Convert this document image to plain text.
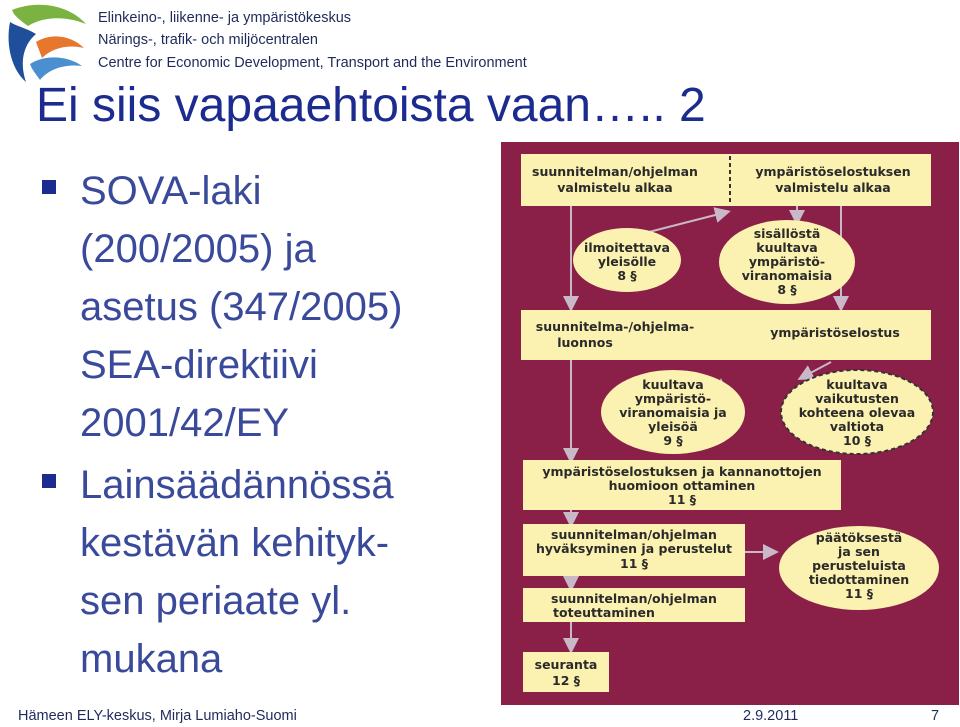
Elinkeino-, liikenne- ja ympäristökeskus
Närings-, trafik- och miljöcentralen
Centre for Economic Development, Transport and the Environment
Ei siis vapaaehtoista vaan….. 2
SOVA-laki
(200/2005) ja
asetus (347/2005)
SEA-direktiivi
2001/42/EY
Lainsäädännössä
kestävän kehityk-
sen periaate yl.
mukana
suunnitelman/ohjelman
valmistelu alkaa
ympäristöselostuksen
valmistelu alkaa
ilmoitettava
yleisölle
8 §
sisällöstä
kuultava
ympäristö-
viranomaisia
8 §
suunnitelma-/ohjelma-
luonnos
ympäristöselostus
kuultava
ympäristö-
viranomaisia ja
yleisöä
9 §
kuultava
vaikutusten
kohteena olevaa
valtiota
10 §
ympäristöselostuksen ja kannanottojen
huomioon ottaminen
11 §
suunnitelman/ohjelman
hyväksyminen ja perustelut
11 §
päätöksestä
ja sen
perusteluista
tiedottaminen
11 §
suunnitelman/ohjelman
toteuttaminen
seuranta
12 §
Hämeen ELY-keskus, Mirja Lumiaho-Suomi	2.9.2011	7
